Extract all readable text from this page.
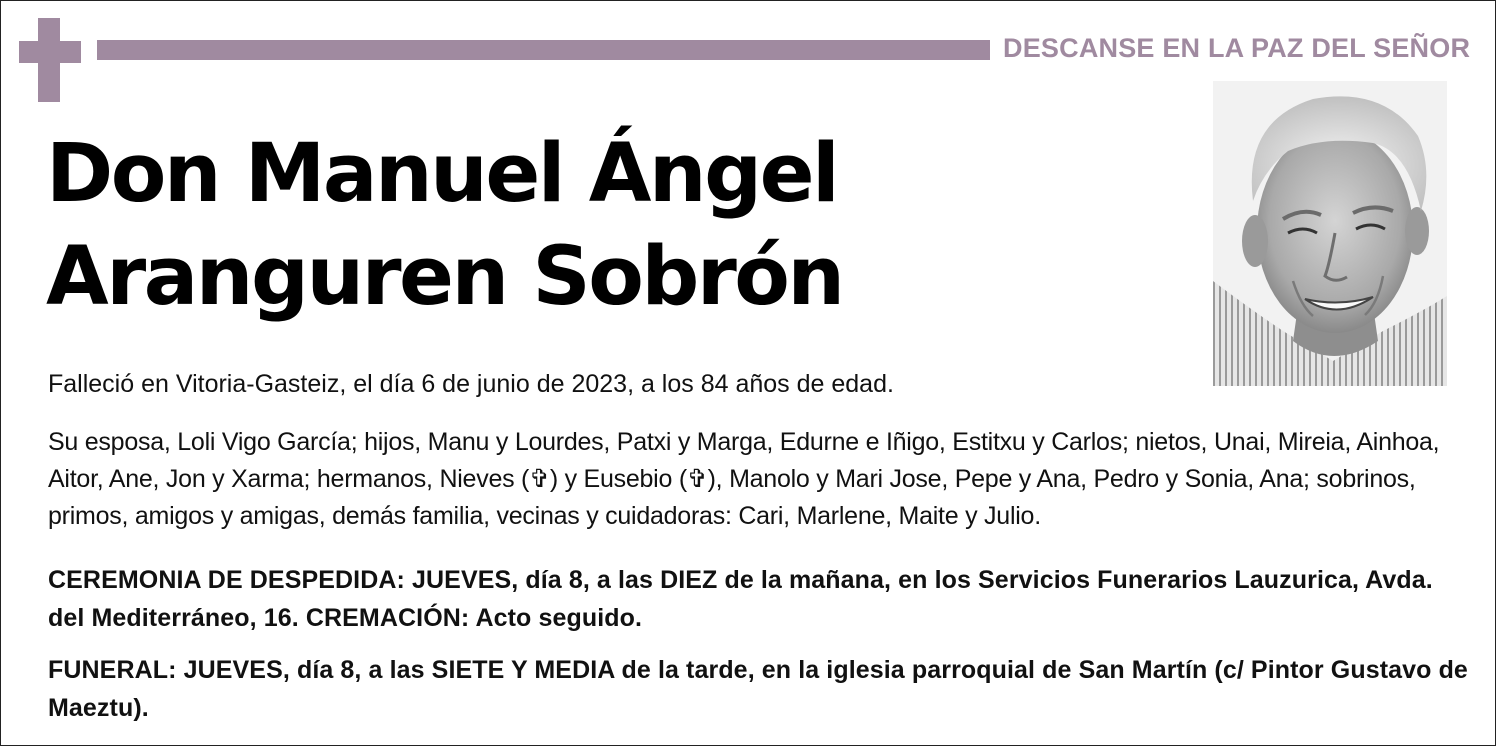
DESCANSE EN LA PAZ DEL SEÑOR
Don Manuel Ángel
Aranguren Sobrón

Falleció en Vitoria-Gasteiz, el día 6 de junio de 2023, a los 84 años de edad.

Su esposa, Loli Vigo García; hijos, Manu y Lourdes, Patxi y Marga, Edurne e Iñigo, Estitxu y Carlos; nietos, Unai, Mireia, Ainhoa, Aitor, Ane, Jon y Xarma; hermanos, Nieves (✞) y Eusebio (✞), Manolo y Mari Jose, Pepe y Ana, Pedro y Sonia, Ana; sobrinos, primos, amigos y amigas, demás familia, vecinas y cuidadoras: Cari, Marlene, Maite y Julio.

CEREMONIA DE DESPEDIDA: JUEVES, día 8, a las DIEZ de la mañana, en los Servicios Funerarios Lauzurica, Avda. del Mediterráneo, 16. CREMACIÓN: Acto seguido.

FUNERAL: JUEVES, día 8, a las SIETE Y MEDIA de la tarde, en la iglesia parroquial de San Martín (c/ Pintor Gustavo de Maeztu).
